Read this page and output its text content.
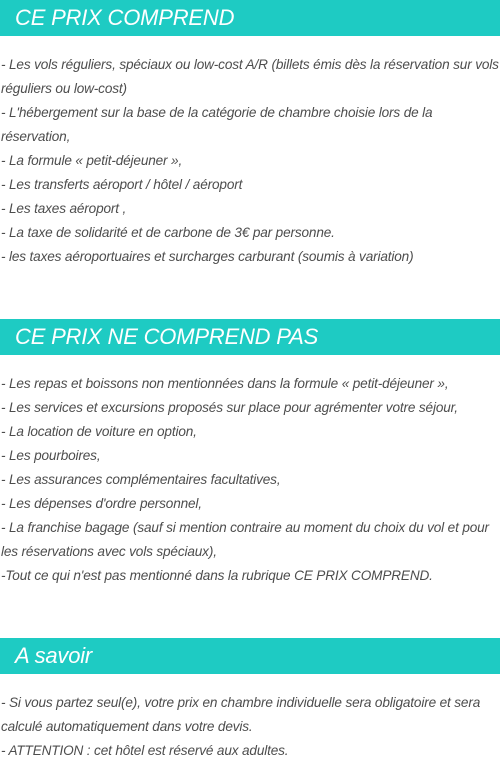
CE PRIX COMPREND
- Les vols réguliers, spéciaux ou low-cost A/R (billets émis dès la réservation sur vols réguliers ou low-cost)
- L'hébergement sur la base de la catégorie de chambre choisie lors de la réservation,
- La formule « petit-déjeuner »,
- Les transferts aéroport / hôtel / aéroport
- Les taxes aéroport ,
- La taxe de solidarité et de carbone de 3€ par personne.
- les taxes aéroportuaires et surcharges carburant (soumis à variation)
CE PRIX NE COMPREND PAS
- Les repas et boissons non mentionnées dans la formule « petit-déjeuner »,
- Les services et excursions proposés sur place pour agrémenter votre séjour,
- La location de voiture en option,
- Les pourboires,
- Les assurances complémentaires facultatives,
- Les dépenses d'ordre personnel,
- La franchise bagage (sauf si mention contraire au moment du choix du vol et pour les réservations avec vols spéciaux),
-Tout ce qui n'est pas mentionné dans la rubrique CE PRIX COMPREND.
A savoir
- Si vous partez seul(e), votre prix en chambre individuelle sera obligatoire et sera calculé automatiquement dans votre devis.
- ATTENTION : cet hôtel est réservé aux adultes.
